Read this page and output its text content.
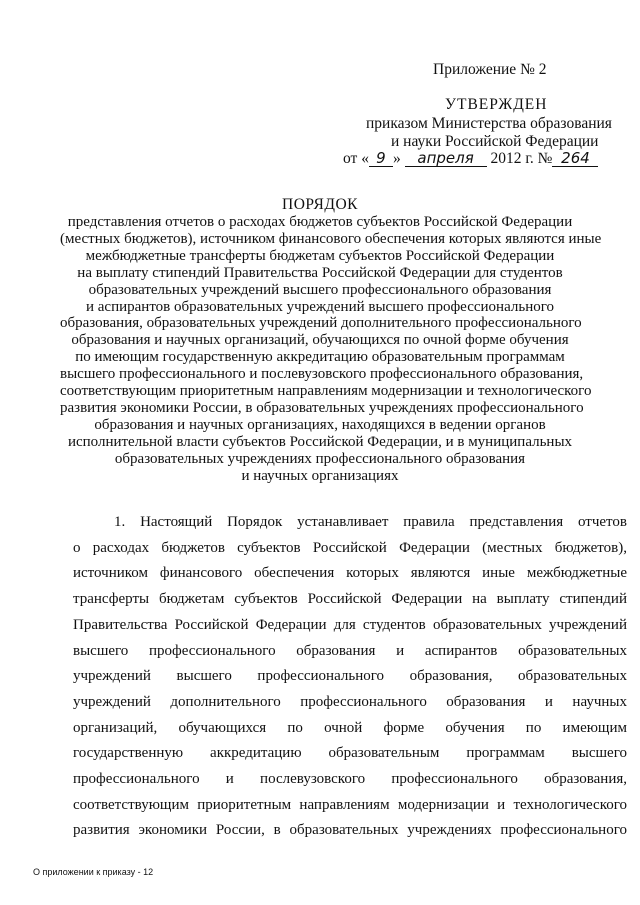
Приложение № 2
УТВЕРЖДЕН
приказом Министерства образования
и науки Российской Федерации
от « 9 » апреля 2012 г. № 264
ПОРЯДОК
представления отчетов о расходах бюджетов субъектов Российской Федерации
(местных бюджетов), источником финансового обеспечения которых являются иные
межбюджетные трансферты бюджетам субъектов Российской Федерации
на выплату стипендий Правительства Российской Федерации для студентов
образовательных учреждений высшего профессионального образования
и аспирантов образовательных учреждений высшего профессионального
образования, образовательных учреждений дополнительного профессионального
образования и научных организаций, обучающихся по очной форме обучения
по имеющим государственную аккредитацию образовательным программам
высшего профессионального и послевузовского профессионального образования,
соответствующим приоритетным направлениям модернизации и технологического
развития экономики России, в образовательных учреждениях профессионального
образования и научных организациях, находящихся в ведении органов
исполнительной власти субъектов Российской Федерации, и в муниципальных
образовательных учреждениях профессионального образования
и научных организациях
1. Настоящий Порядок устанавливает правила представления отчетов
о расходах бюджетов субъектов Российской Федерации (местных бюджетов),
источником финансового обеспечения которых являются иные межбюджетные
трансферты бюджетам субъектов Российской Федерации на выплату стипендий
Правительства Российской Федерации для студентов образовательных учреждений
высшего профессионального образования и аспирантов образовательных
учреждений высшего профессионального образования, образовательных
учреждений дополнительного профессионального образования и научных
организаций, обучающихся по очной форме обучения по имеющим
государственную аккредитацию образовательным программам высшего
профессионального и послевузовского профессионального образования,
соответствующим приоритетным направлениям модернизации и технологического
развития экономики России, в образовательных учреждениях профессионального
О приложении к приказу - 12
